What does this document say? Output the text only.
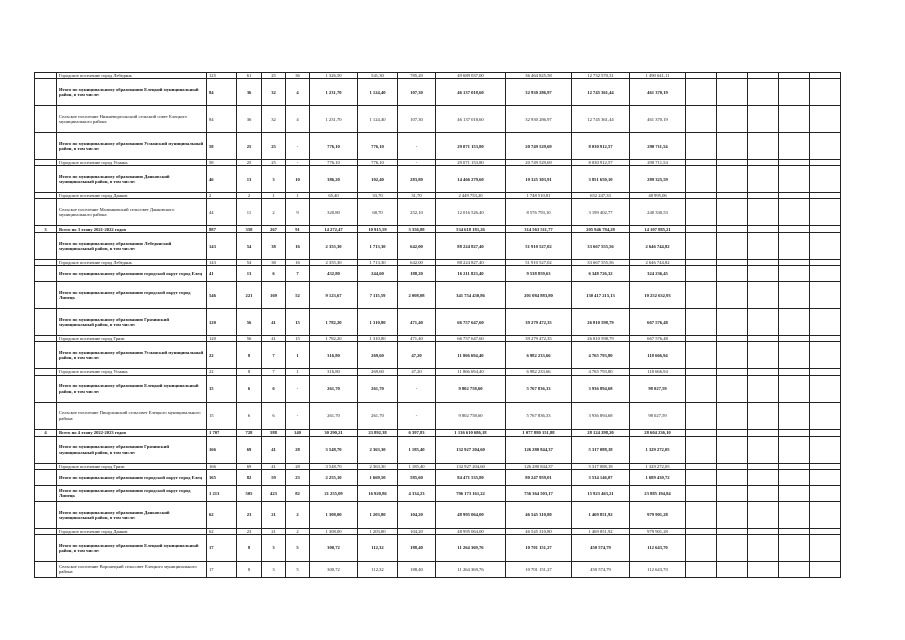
	Городское поселение город Лебедянь	125	61	25	36	1 326,50	541,30	785,20	49 689 037,00	36 464 825,58	12 732 570,31	1 490 641,11					
	Итого по муниципальному образованию Елецкий муниципальный район, в том числе:	84	36	32	4	1 231,70	1 124,40	107,30	46 137 018,60	32 930 286,97	12 745 361,44	461 370,19					
	Сельское поселение Нижневоргольский сельский совет Елецкого муниципального района	84	36	32	4	1 231,70	1 124,40	107,30	46 137 018,60	32 930 286,97	12 745 361,44	461 370,19					
	Итого по муниципальному образованию Усманский муниципальный район, в том числе:	58	25	25	-	776,10	776,10	-	29 071 153,80	20 749 529,69	8 030 912,57	290 711,54					
	Городское поселение город Усмань	58	25	25	-	776,10	776,10	-	29 071 153,80	20 749 529,69	8 030 912,57	290 711,54					
	Итого по муниципальному образованию Данковский муниципальный район, в том числе:	46	13	3	10	386,20	102,40	283,80	14 466 279,60	10 325 303,91	3 851 650,10	289 325,59					
	Городское поселение город Данков	2	2	1	1	65,40	33,70	31,70	2 449 753,20	1 748 510,81	652 247,33	48 995,06					
	Сельское поселение Малинковский сельсовет Данковского муниципального района	44	11	2	9	320,80	68,70	252,10	12 016 526,40	8 576 793,10	3 199 402,77	240 330,53					
3	Всего по 3 этапу 2021-2022 годов	887	358	267	91	14 272,47	10 915,59	3 356,88	534 618 181,26	314 563 511,77	205 946 784,28	14 107 885,21					
	Итого по муниципальному образованию Лебедянский муниципальный район, в том числе:	143	54	38	16	2 355,30	1 713,30	642,00	88 224 827,40	51 910 527,02	33 667 555,56	2 646 744,82					
	Городское поселение город Лебедянь	143	54	38	16	2 355,30	1 713,30	642,00	88 224 827,40	51 910 527,02	33 667 555,56	2 646 744,82					
	Итого по муниципальному образованию городской округ город Елец	41	13	6	7	432,80	244,60	188,20	16 211 823,40	9 538 859,63	6 348 726,32	324 236,45					
	Итого по муниципальному образованию городской округ город Липецк	546	221	169	52	9 123,67	7 115,59	2 008,08	341 754 430,86	201 084 883,80	130 417 215,13	10 252 632,93					
	Итого по муниципальному образованию Грязинский муниципальный район, в том числе:	120	56	41	15	1 782,20	1 310,80	471,40	66 757 647,60	39 279 472,35	26 810 598,79	667 576,48					
	Городское поселение город Грязи	120	56	41	15	1 782,20	1 310,80	471,40	66 757 647,60	39 279 472,35	26 810 598,79	667 576,48					
	Итого по муниципальному образованию Усманский муниципальный район, в том числе:	22	8	7	1	316,80	269,60	47,20	11 866 694,40	6 982 233,66	4 765 793,80	118 666,94					
	Городское поселение город Усмань	22	8	7	1	316,80	269,60	47,20	11 866 694,40	6 982 233,66	4 765 793,80	118 666,94					
	Итого по муниципальному образованию Елецкий муниципальный район, в том числе:	15	6	6	-	261,70	261,70	-	9 802 758,60	5 767 836,33	3 936 894,68	98 027,59					
	Сельское поселение Пищулинский сельсовет Елецкого муниципального района	15	6	6	-	261,70	261,70	-	9 802 758,60	5 767 836,33	3 936 894,68	98 027,59					
4	Всего по 4 этапу 2022-2023 годов	1 707	728	588	140	30 290,21	23 892,38	6 397,83	1 136 610 686,18	1 077 880 151,88	28 124 298,20	28 604 236,10					
	Итого по муниципальному образованию Грязинский муниципальный район, в том числе:	166	69	41	28	3 548,70	2 363,30	1 185,40	132 927 204,60	126 280 844,37	5 317 088,18	1 329 272,05					
	Городское поселение город Грязи	166	69	41	28	3 548,70	2 363,30	1 185,40	132 927 204,60	126 280 844,37	5 317 088,18	1 329 272,05					
	Итого по муниципальному образованию городской округ город Елец	165	82	59	23	2 255,10	1 669,50	585,60	84 471 535,80	80 247 959,01	3 534 146,07	1 689 430,72					
	Итого по муниципальному образованию городской округ город Липецк	1 213	505	423	82	21 255,09	16 920,86	4 334,23	796 173 161,22	756 364 503,17	15 923 463,21	23 885 194,84					
	Итого по муниципальному образованию Данковский муниципальный район, в том числе:	62	23	21	2	1 308,00	1 203,80	104,20	48 995 064,00	46 545 310,80	1 469 851,92	979 901,28					
	Городское поселение город Данков	62	23	21	2	1 308,00	1 203,80	104,20	48 995 064,00	46 545 310,80	1 469 851,92	979 901,28					
	Итого по муниципальному образованию Елецкий муниципальный район, в том числе:	17	8	3	5	300,72	112,32	188,40	11 264 369,76	10 701 151,27	450 574,79	112 643,70					
	Сельское поселение Воронецкий сельсовет Елецкого муниципального района	17	8	3	5	300,72	112,32	188,40	11 264 369,76	10 701 151,27	450 574,79	112 643,70					
